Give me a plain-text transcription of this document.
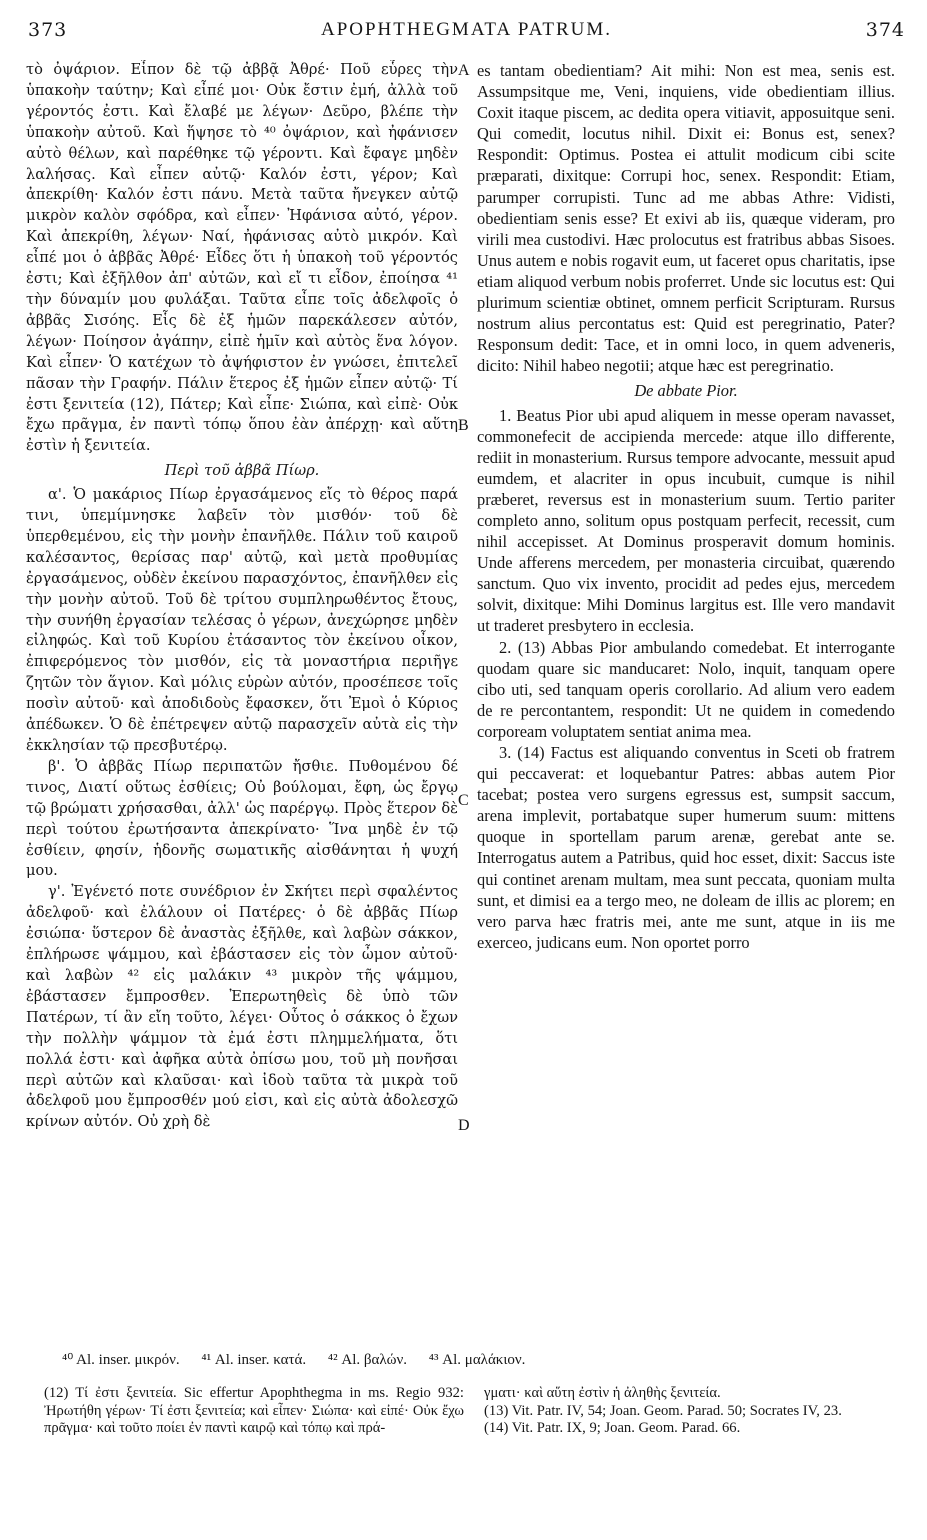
373	APOPHTHEGMATA PATRUM.	374

τὸ ὀψάριον. Εἶπον δὲ τῷ ἀββᾷ Ἀθρέ· Ποῦ εὗρες τὴν ὑπακοὴν ταύτην; Καὶ εἶπέ μοι· Οὐκ ἔστιν ἐμή, ἀλλὰ τοῦ γέροντός ἐστι. Καὶ ἔλαβέ με λέγων· Δεῦρο, βλέπε τὴν ὑπακοὴν αὐτοῦ. Καὶ ἥψησε τὸ ⁴⁰ ὀψάριον, καὶ ἠφάνισεν αὐτὸ θέλων, καὶ παρέθηκε τῷ γέροντι. Καὶ ἔφαγε μηδὲν λαλήσας. Καὶ εἶπεν αὐτῷ· Καλόν ἐστι, γέρον; Καὶ ἀπεκρίθη· Καλόν ἐστι πάνυ. Μετὰ ταῦτα ἤνεγκεν αὐτῷ μικρὸν καλὸν σφόδρα, καὶ εἶπεν· Ἠφάνισα αὐτό, γέρον. Καὶ ἀπεκρίθη, λέγων· Ναί, ἠφάνισας αὐτὸ μικρόν. Καὶ εἶπέ μοι ὁ ἀββᾶς Ἀθρέ· Εἶδες ὅτι ἡ ὑπακοὴ τοῦ γέροντός ἐστι; Καὶ ἐξῆλθον ἀπ' αὐτῶν, καὶ εἴ τι εἶδον, ἐποίησα ⁴¹ τὴν δύναμίν μου φυλάξαι. Ταῦτα εἶπε τοῖς ἀδελφοῖς ὁ ἀββᾶς Σισόης. Εἷς δὲ ἐξ ἡμῶν παρεκάλεσεν αὐτόν, λέγων· Ποίησον ἀγάπην, εἰπὲ ἡμῖν καὶ αὐτὸς ἕνα λόγον. Καὶ εἶπεν· Ὁ κατέχων τὸ ἀψήφιστον ἐν γνώσει, ἐπιτελεῖ πᾶσαν τὴν Γραφήν. Πάλιν ἕτερος ἐξ ἡμῶν εἶπεν αὐτῷ· Τί ἐστι ξενιτεία (12), Πάτερ; Καὶ εἶπε· Σιώπα, καὶ εἰπὲ· Οὐκ ἔχω πρᾶγμα, ἐν παντὶ τόπῳ ὅπου ἐὰν ἀπέρχῃ· καὶ αὕτη ἐστὶν ἡ ξενιτεία.

Περὶ τοῦ ἀββᾶ Πίωρ.

α'. Ὁ μακάριος Πίωρ ἐργασάμενος εἴς τὸ θέρος παρά τινι, ὑπεμίμνησκε λαβεῖν τὸν μισθόν· τοῦ δὲ ὑπερθεμένου, εἰς τὴν μονὴν ἐπανῆλθε. Πάλιν τοῦ καιροῦ καλέσαντος, θερίσας παρ' αὐτῷ, καὶ μετὰ προθυμίας ἐργασάμενος, οὐδὲν ἐκείνου παρασχόντος, ἐπανῆλθεν εἰς τὴν μονὴν αὐτοῦ. Τοῦ δὲ τρίτου συμπληρωθέντος ἔτους, τὴν συνήθη ἐργασίαν τελέσας ὁ γέρων, ἀνεχώρησε μηδὲν εἰληφώς. Καὶ τοῦ Κυρίου ἐτάσαντος τὸν ἐκείνου οἶκον, ἐπιφερόμενος τὸν μισθόν, εἰς τὰ μοναστήρια περιῆγε ζητῶν τὸν ἅγιον. Καὶ μόλις εὑρὼν αὐτόν, προσέπεσε τοῖς ποσὶν αὐτοῦ· καὶ ἀποδιδοὺς ἔφασκεν, ὅτι Ἐμοὶ ὁ Κύριος ἀπέδωκεν. Ὁ δὲ ἐπέτρεψεν αὐτῷ παρασχεῖν αὐτὰ εἰς τὴν ἐκκλησίαν τῷ πρεσβυτέρῳ.

β'. Ὁ ἀββᾶς Πίωρ περιπατῶν ἤσθιε. Πυθομένου δέ τινος, Διατί οὕτως ἐσθίεις; Οὐ βούλομαι, ἔφη, ὡς ἔργῳ τῷ βρώματι χρήσασθαι, ἀλλ' ὡς παρέργῳ. Πρὸς ἕτερον δὲ περὶ τούτου ἐρωτήσαντα ἀπεκρίνατο· Ἵνα μηδὲ ἐν τῷ ἐσθίειν, φησίν, ἡδονῆς σωματικῆς αἰσθάνηται ἡ ψυχή μου.

γ'. Ἐγένετό ποτε συνέδριον ἐν Σκήτει περὶ σφαλέντος ἀδελφοῦ· καὶ ἐλάλουν οἱ Πατέρες· ὁ δὲ ἀββᾶς Πίωρ ἐσιώπα· ὕστερον δὲ ἀναστὰς ἐξῆλθε, καὶ λαβὼν σάκκον, ἐπλήρωσε ψάμμου, καὶ ἐβάστασεν εἰς τὸν ὦμον αὐτοῦ· καὶ λαβὼν ⁴² εἰς μαλάκιν ⁴³ μικρὸν τῆς ψάμμου, ἐβάστασεν ἔμπροσθεν. Ἐπερωτηθεὶς δὲ ὑπὸ τῶν Πατέρων, τί ἂν εἴη τοῦτο, λέγει· Οὗτος ὁ σάκκος ὁ ἔχων τὴν πολλὴν ψάμμον τὰ ἐμά ἐστι πλημμελήματα, ὅτι πολλά ἐστι· καὶ ἀφῆκα αὐτὰ ὀπίσω μου, τοῦ μὴ πονῆσαι περὶ αὐτῶν καὶ κλαῦσαι· καὶ ἰδοὺ ταῦτα τὰ μικρὰ τοῦ ἀδελφοῦ μου ἔμπροσθέν μού εἰσι, καὶ εἰς αὐτὰ ἀδολεσχῶ κρίνων αὐτόν. Οὐ χρὴ δὲ

A
B
C
D

es tantam obedientiam? Ait mihi: Non est mea, senis est. Assumpsitque me, Veni, inquiens, vide obedientiam illius. Coxit itaque piscem, ac dedita opera vitiavit, apposuitque seni. Qui comedit, locutus nihil. Dixit ei: Bonus est, senex? Respondit: Optimus. Postea ei attulit modicum cibi scite præparati, dixitque: Corrupi hoc, senex. Respondit: Etiam, parumper corrupisti. Tunc ad me abbas Athre: Vidisti, obedientiam senis esse? Et exivi ab iis, quæque videram, pro virili mea custodivi. Hæc prolocutus est fratribus abbas Sisoes. Unus autem e nobis rogavit eum, ut faceret opus charitatis, ipse etiam aliquod verbum nobis proferret. Unde sic locutus est: Qui plurimum scientiæ obtinet, omnem perficit Scripturam. Rursus nostrum alius percontatus est: Quid est peregrinatio, Pater? Responsum dedit: Tace, et in omni loco, in quem adveneris, dicito: Nihil habeo negotii; atque hæc est peregrinatio.

De abbate Pior.

1. Beatus Pior ubi apud aliquem in messe operam navasset, commonefecit de accipienda mercede: atque illo differente, rediit in monasterium. Rursus tempore advocante, messuit apud eumdem, et alacriter in opus incubuit, cumque is nihil præberet, reversus est in monasterium suum. Tertio pariter completo anno, solitum opus postquam perfecit, recessit, cum nihil accepisset. At Dominus prosperavit domum hominis. Unde afferens mercedem, per monasteria circuibat, quærendo sanctum. Quo vix invento, procidit ad pedes ejus, mercedem solvit, dixitque: Mihi Dominus largitus est. Ille vero mandavit ut traderet presbytero in ecclesia.

2. (13) Abbas Pior ambulando comedebat. Et interrogante quodam quare sic manducaret: Nolo, inquit, tanquam opere cibo uti, sed tanquam operis corollario. Ad alium vero eadem de re percontantem, respondit: Ut ne quidem in comedendo corpoream voluptatem sentiat anima mea.

3. (14) Factus est aliquando conventus in Sceti ob fratrem qui peccaverat: et loquebantur Patres: abbas autem Pior tacebat; postea vero surgens egressus est, sumpsit saccum, arena implevit, portabatque super humerum suum: mittens quoque in sportellam parum arenæ, gerebat ante se. Interrogatus autem a Patribus, quid hoc esset, dixit: Saccus iste qui continet arenam multam, mea sunt peccata, quoniam multa sunt, et dimisi ea a tergo meo, ne doleam de illis ac plorem; en vero parva hæc fratris mei, ante me sunt, atque in iis me exerceo, judicans eum. Non oportet porro

⁴⁰ Al. inser. μικρόν. ⁴¹ Al. inser. κατά. ⁴² Al. βαλών. ⁴³ Al. μαλάκιον.

(12) Τί ἐστι ξενιτεία. Sic effertur Apophthegma in ms. Regio 932: Ἠρωτήθη γέρων· Τί ἐστι ξενιτεία; καὶ εἶπεν· Σιώπα· καὶ εἰπέ· Οὐκ ἔχω πρᾶγμα· καὶ τοῦτο ποίει ἐν παντὶ καιρῷ καὶ τόπῳ καὶ πρά-

γματι· καὶ αὕτη ἐστὶν ἡ ἀληθὴς ξενιτεία.

(13) Vit. Patr. IV, 54; Joan. Geom. Parad. 50; Socrates IV, 23.

(14) Vit. Patr. IX, 9; Joan. Geom. Parad. 66.
